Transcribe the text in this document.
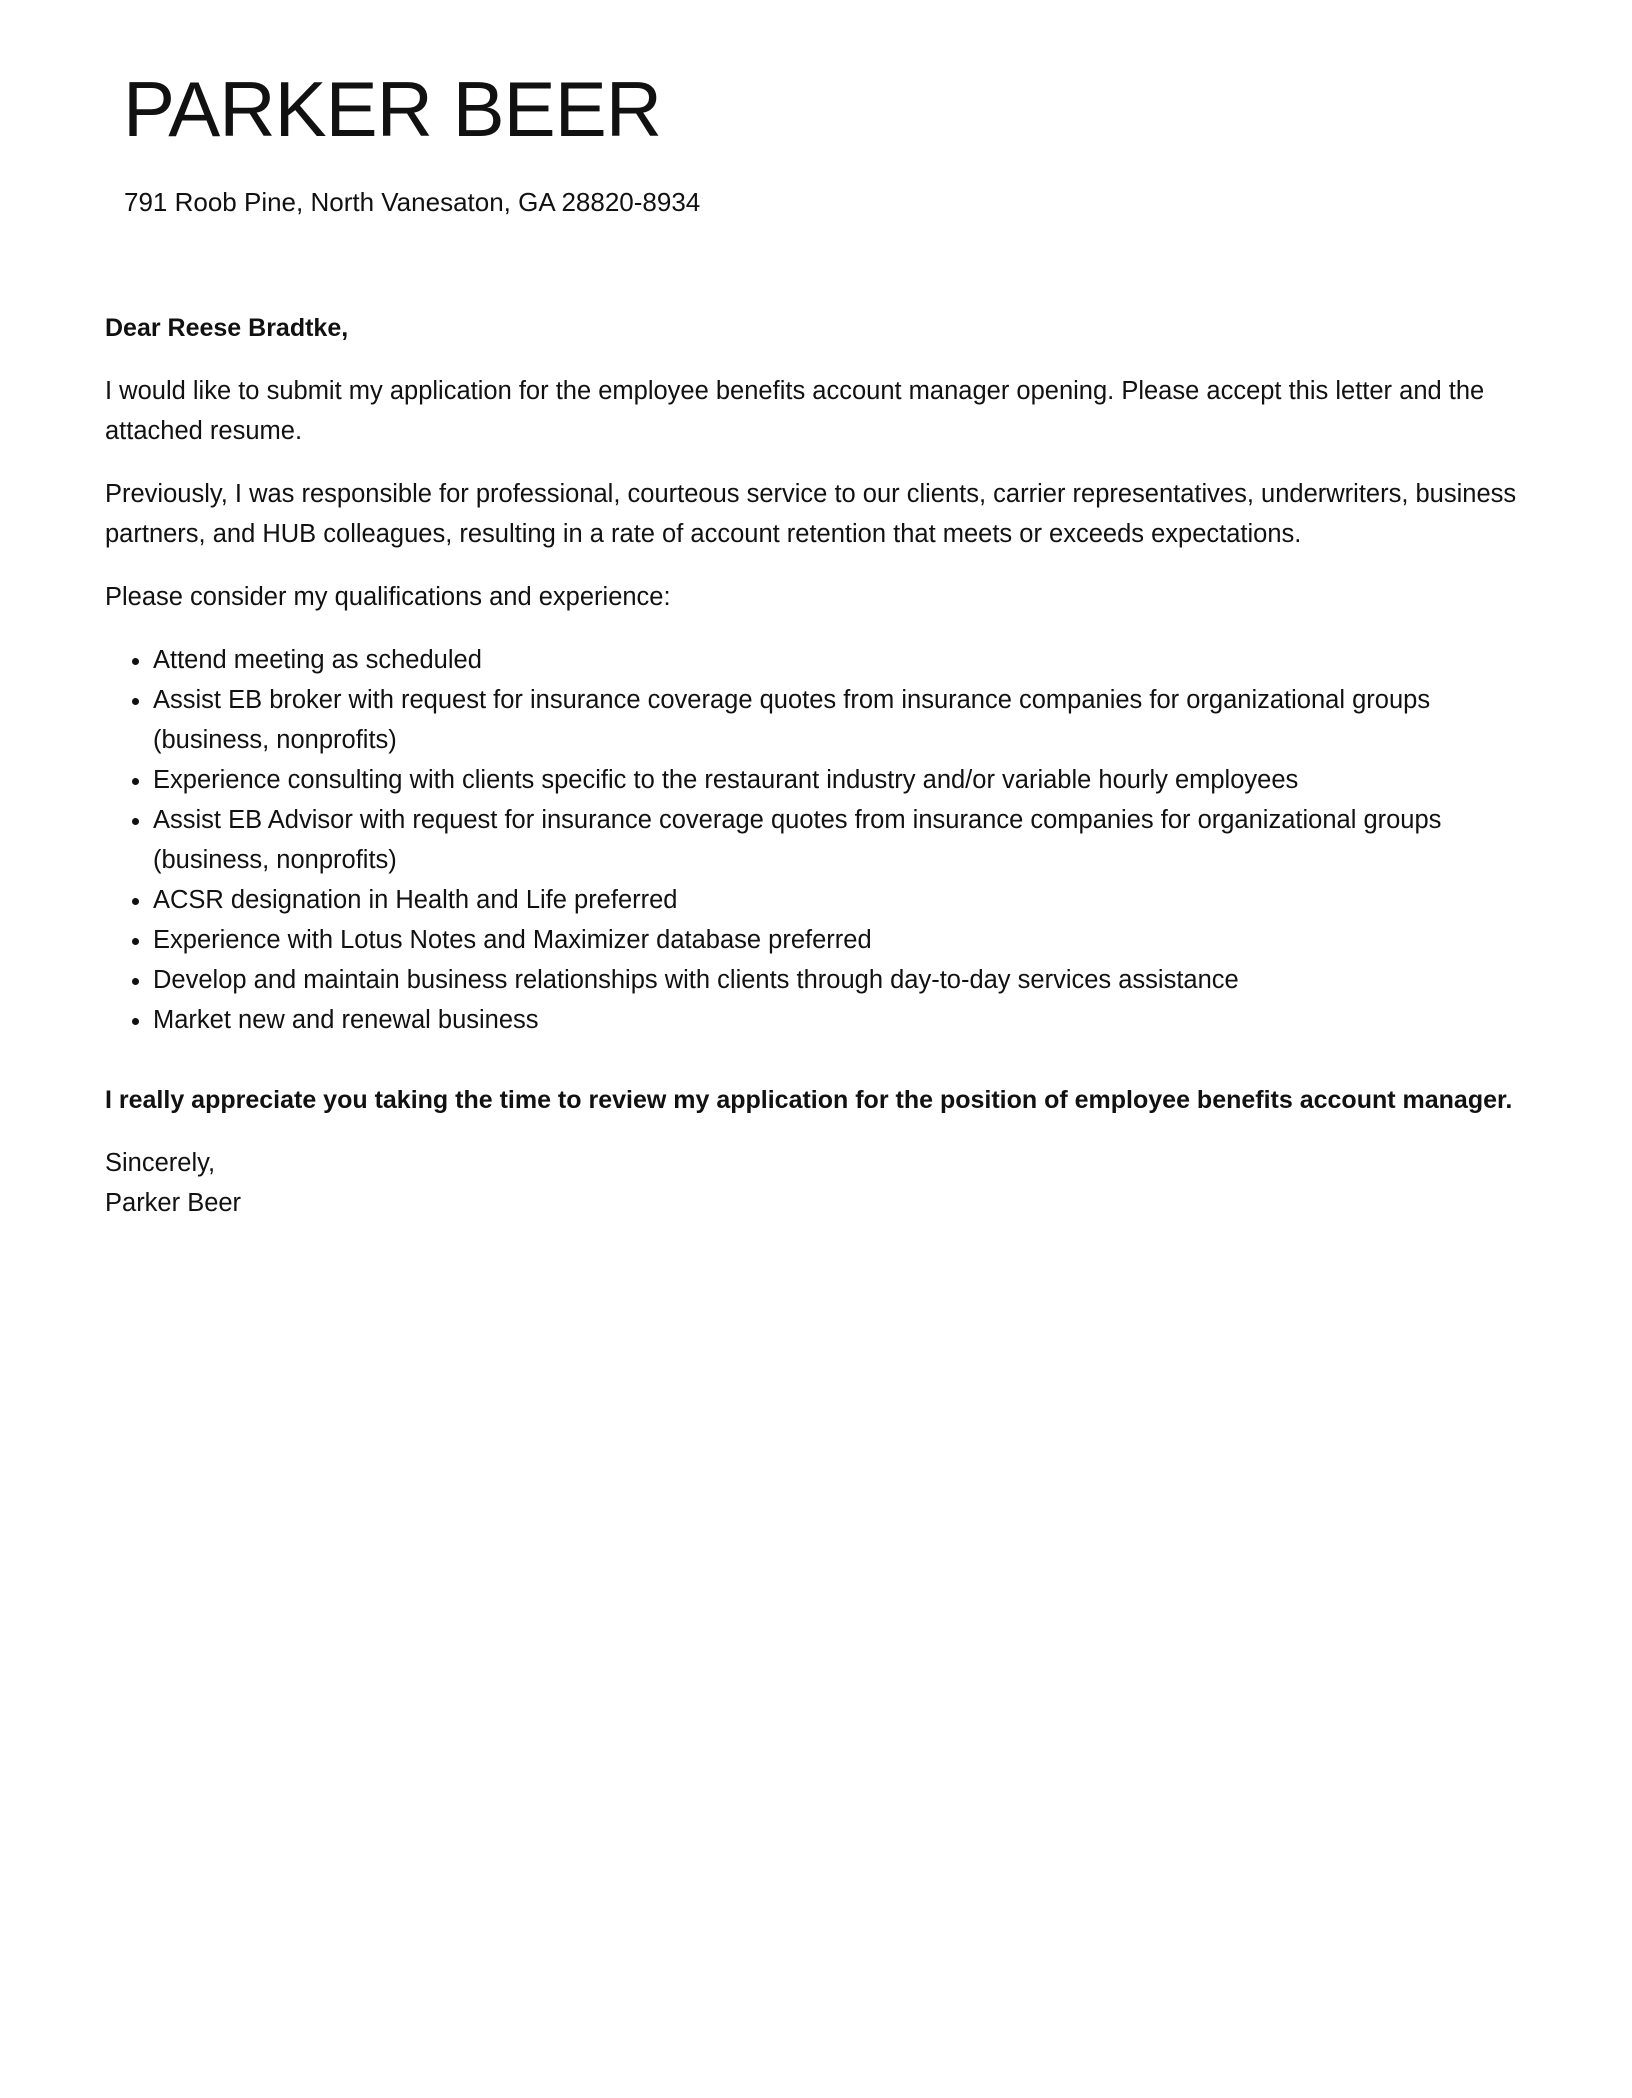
PARKER BEER
791 Roob Pine, North Vanesaton, GA 28820-8934

Dear Reese Bradtke,

I would like to submit my application for the employee benefits account manager opening. Please accept this letter and the attached resume.

Previously, I was responsible for professional, courteous service to our clients, carrier representatives, underwriters, business partners, and HUB colleagues, resulting in a rate of account retention that meets or exceeds expectations.

Please consider my qualifications and experience:

• Attend meeting as scheduled
• Assist EB broker with request for insurance coverage quotes from insurance companies for organizational groups (business, nonprofits)
• Experience consulting with clients specific to the restaurant industry and/or variable hourly employees
• Assist EB Advisor with request for insurance coverage quotes from insurance companies for organizational groups (business, nonprofits)
• ACSR designation in Health and Life preferred
• Experience with Lotus Notes and Maximizer database preferred
• Develop and maintain business relationships with clients through day-to-day services assistance
• Market new and renewal business

I really appreciate you taking the time to review my application for the position of employee benefits account manager.

Sincerely,
Parker Beer
